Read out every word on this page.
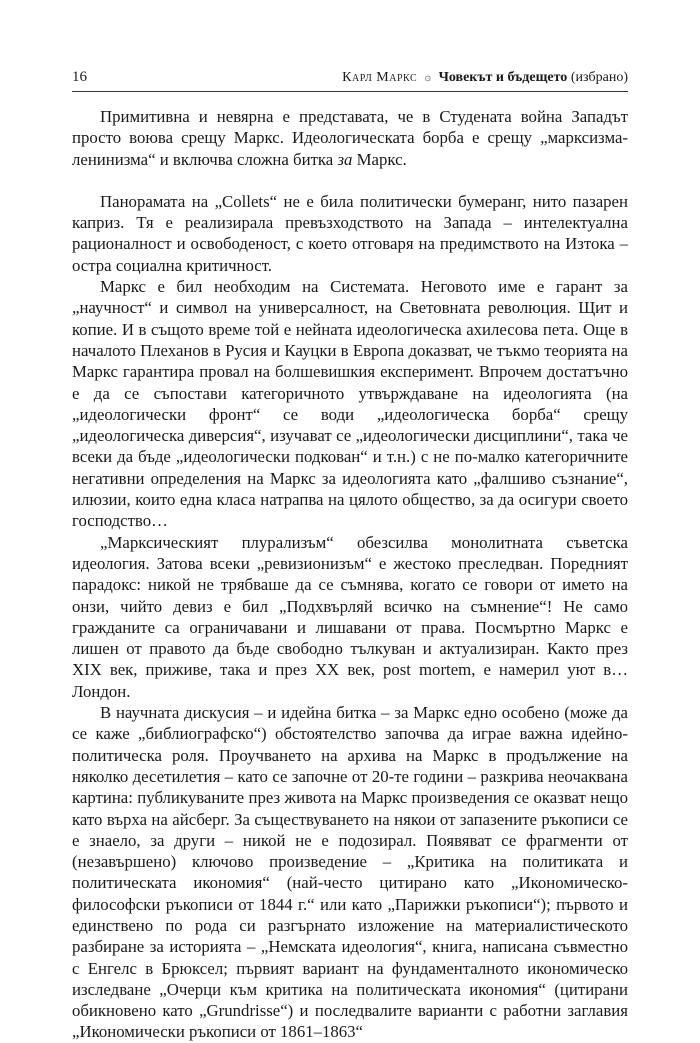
16	Карл Маркс ۞ Човекът и бъдещето (избрано)

Примитивна и невярна е представата, че в Студената война Западът просто воюва срещу Маркс. Идеологическата борба е срещу „марксизма-ленинизма“ и включва сложна битка за Маркс.

Панорамата на „Collets“ не е била политически бумеранг, нито пазарен каприз. Тя е реализирала превъзходството на Запада – интелектуална рационалност и освободеност, с което отговаря на предимството на Изтока – остра социална критичност.

Маркс е бил необходим на Системата. Неговото име е гарант за „научност“ и символ на универсалност, на Световната революция. Щит и копие. И в същото време той е нейната идеологическа ахилесова пета. Още в началото Плеханов в Русия и Кауцки в Европа доказват, че тъкмо теорията на Маркс гарантира провал на болшевишкия експеримент. Впрочем достатъчно е да се съпостави категоричното утвърждаване на идеологията (на „идеологически фронт“ се води „идеологическа борба“ срещу „идеологическа диверсия“, изучават се „идеологически дисциплини“, така че всеки да бъде „идеологически подкован“ и т.н.) с не по-малко категоричните негативни определения на Маркс за идеологията като „фалшиво съзнание“, илюзии, които една класа натрапва на цялото общество, за да осигури своето господство…

„Марксическият плурализъм“ обезсилва монолитната съветска идеология. Затова всеки „ревизионизъм“ е жестоко преследван. Поредният парадокс: никой не трябваше да се съмнява, когато се говори от името на онзи, чийто девиз е бил „Подхвърляй всичко на съмнение“! Не само гражданите са ограничавани и лишавани от права. Посмъртно Маркс е лишен от правото да бъде свободно тълкуван и актуализиран. Както през XIX век, приживе, така и през XX век, post mortem, е намерил уют в… Лондон.

В научната дискусия – и идейна битка – за Маркс едно особено (може да се каже „библиографско“) обстоятелство започва да играе важна идейно-политическа роля. Проучването на архива на Маркс в продължение на няколко десетилетия – като се започне от 20-те години – разкрива неочаквана картина: публикуваните през живота на Маркс произведения се оказват нещо като върха на айсберг. За съществуването на някои от запазените ръкописи се е знаело, за други – никой не е подозирал. Появяват се фрагменти от (незавършено) ключово произведение – „Критика на политиката и политическата икономия“ (най-често цитирано като „Икономическо-философски ръкописи от 1844 г.“ или като „Парижки ръкописи“); първото и единствено по рода си разгърнато изложение на материалистическото разбиране за историята – „Немската идеология“, книга, написана съвместно с Енгелс в Брюксел; първият вариант на фундаменталното икономическо изследване „Очерци към критика на политическата икономия“ (цитирани обикновено като „Grundrisse“) и последвалите варианти с работни заглавия „Икономически ръкописи от 1861–1863“
